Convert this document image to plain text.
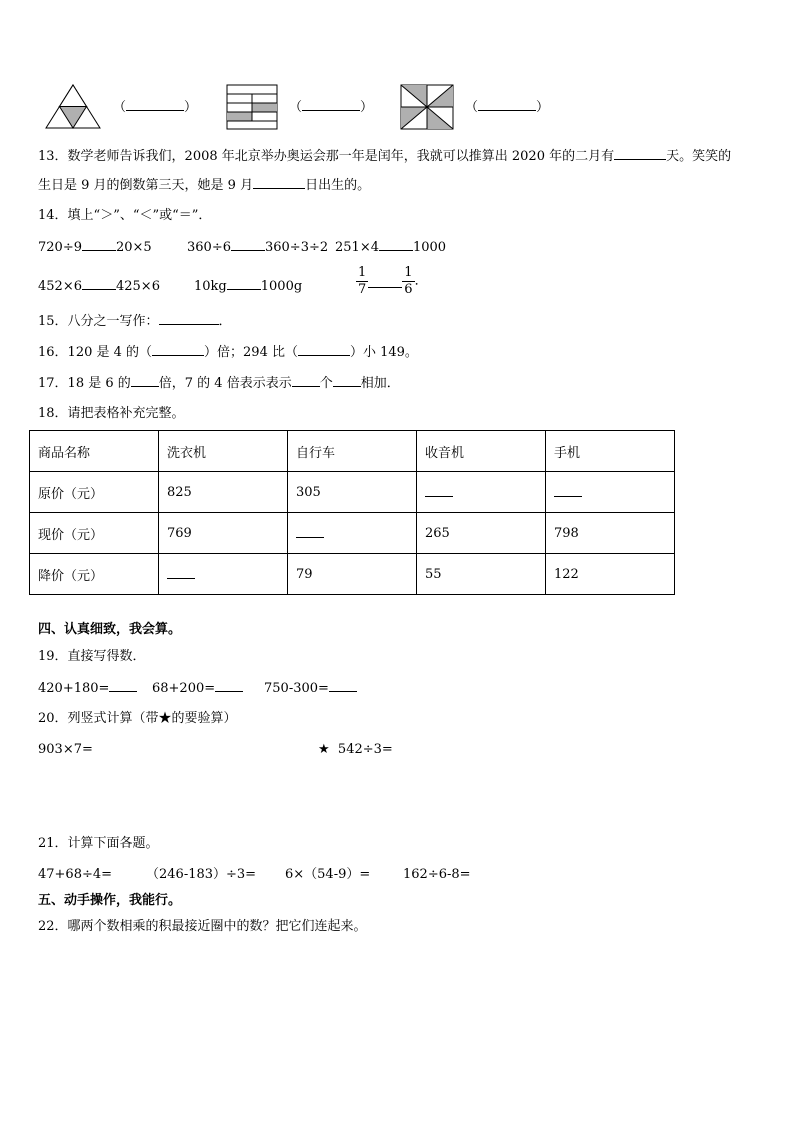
（	）	（	）	（	）
13．数学老师告诉我们，2008 年北京举办奥运会那一年是闰年，我就可以推算出 2020 年的二月有	天。笑笑的
生日是 9 月的倒数第三天，她是 9 月	日出生的。
14．填上“＞”、“＜”或“＝”．
720÷9	20×5	360÷6	360÷3÷2 251×4	1000
452×6	425×6	10kg	1000g	$\frac{1}{7}$	$\frac{1}{6}$ ．
15．八分之一写作：	．
16．120 是 4 的（	）倍；294 比（	）小 149。
17．18 是 6 的 倍，7 的 4 倍表示表示 个 相加．
18．请把表格补充完整。
商品名称	洗衣机	自行车	收音机	手机
原价（元）	825	305		
现价（元）	769		265	798
降价（元）		79	55	122
四、认真细致，我会算。
19．直接写得数．
420+180=	68+200=	750-300=
20．列竖式计算（带★的要验算）
903×7=	★ 542÷3=
21．计算下面各题。
47+68÷4=	（246-183）÷3= 6×（54-9）=	162÷6-8=
五、动手操作，我能行。
22．哪两个数相乘的积最接近圈中的数？把它们连起来。
